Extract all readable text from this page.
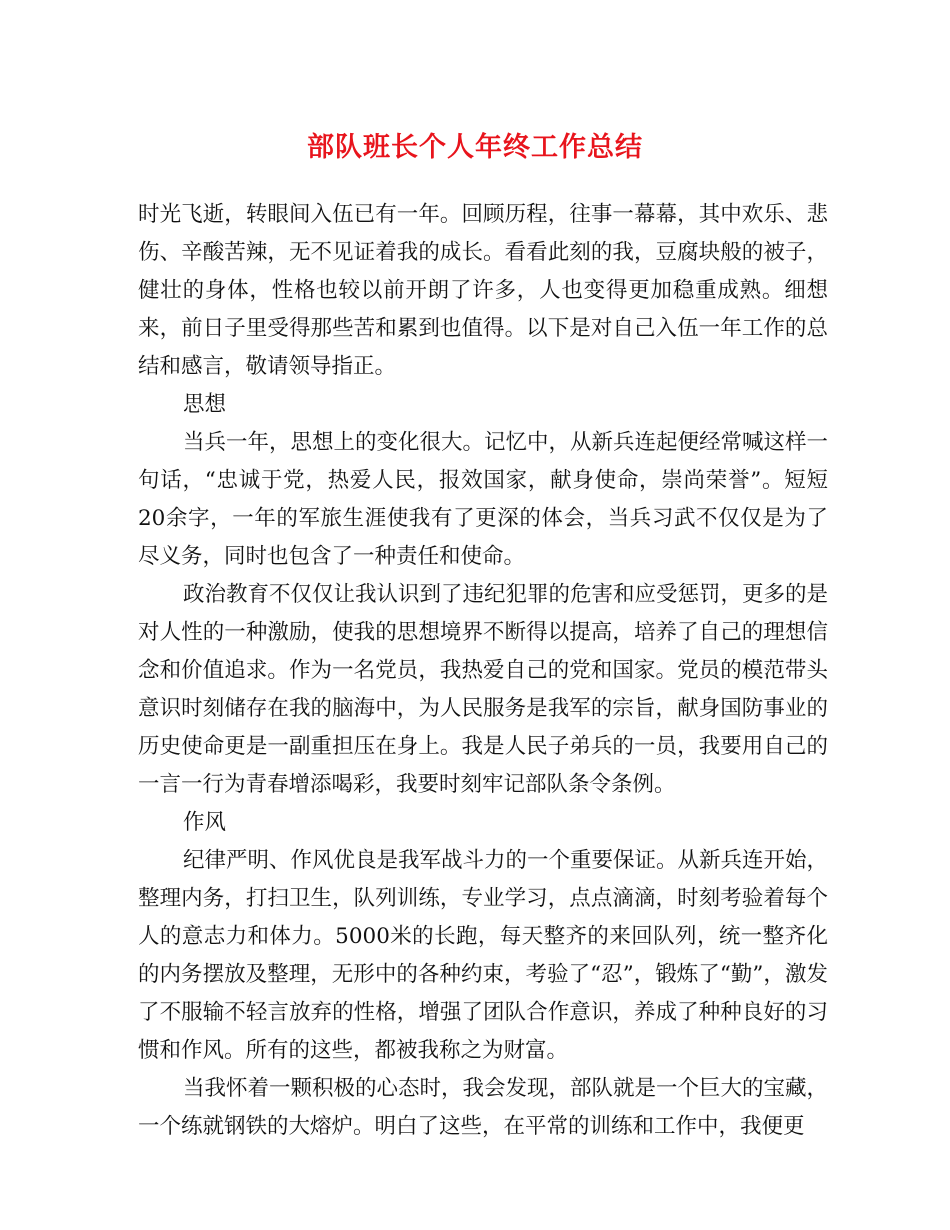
部队班长个人年终工作总结

时光飞逝，转眼间入伍已有一年。回顾历程，往事一幕幕，其中欢乐、悲伤、辛酸苦辣，无不见证着我的成长。看看此刻的我，豆腐块般的被子，健壮的身体，性格也较以前开朗了许多，人也变得更加稳重成熟。细想来，前日子里受得那些苦和累到也值得。以下是对自己入伍一年工作的总结和感言，敬请领导指正。

思想

当兵一年，思想上的变化很大。记忆中，从新兵连起便经常喊这样一句话，“忠诚于党，热爱人民，报效国家，献身使命，崇尚荣誉”。短短20余字，一年的军旅生涯使我有了更深的体会，当兵习武不仅仅是为了尽义务，同时也包含了一种责任和使命。

政治教育不仅仅让我认识到了违纪犯罪的危害和应受惩罚，更多的是对人性的一种激励，使我的思想境界不断得以提高，培养了自己的理想信念和价值追求。作为一名党员，我热爱自己的党和国家。党员的模范带头意识时刻储存在我的脑海中，为人民服务是我军的宗旨，献身国防事业的历史使命更是一副重担压在身上。我是人民子弟兵的一员，我要用自己的一言一行为青春增添喝彩，我要时刻牢记部队条令条例。

作风

纪律严明、作风优良是我军战斗力的一个重要保证。从新兵连开始，整理内务，打扫卫生，队列训练，专业学习，点点滴滴，时刻考验着每个人的意志力和体力。5000米的长跑，每天整齐的来回队列，统一整齐化的内务摆放及整理，无形中的各种约束，考验了“忍”，锻炼了“勤”，激发了不服输不轻言放弃的性格，增强了团队合作意识，养成了种种良好的习惯和作风。所有的这些，都被我称之为财富。

当我怀着一颗积极的心态时，我会发现，部队就是一个巨大的宝藏，一个练就钢铁的大熔炉。明白了这些，在平常的训练和工作中，我便更
